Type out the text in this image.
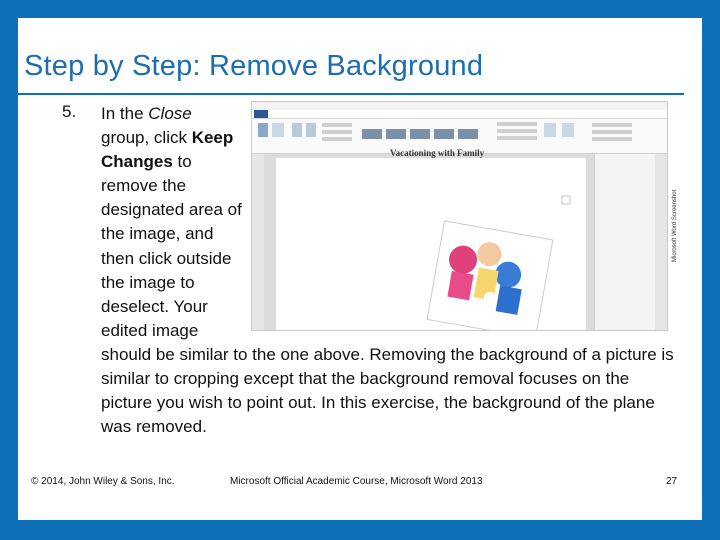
Step by Step: Remove Background
5. In the Close group, click Keep Changes to remove the designated area of the image, and then click outside the image to deselect. Your edited image should be similar to the one above. Removing the background of a picture is similar to cropping except that the background removal focuses on the picture you wish to point out. In this exercise, the background of the plane was removed.
Vacationing with Family
Microsoft Word Screenshot
© 2014, John Wiley & Sons, Inc.	Microsoft Official Academic Course, Microsoft Word 2013	27
